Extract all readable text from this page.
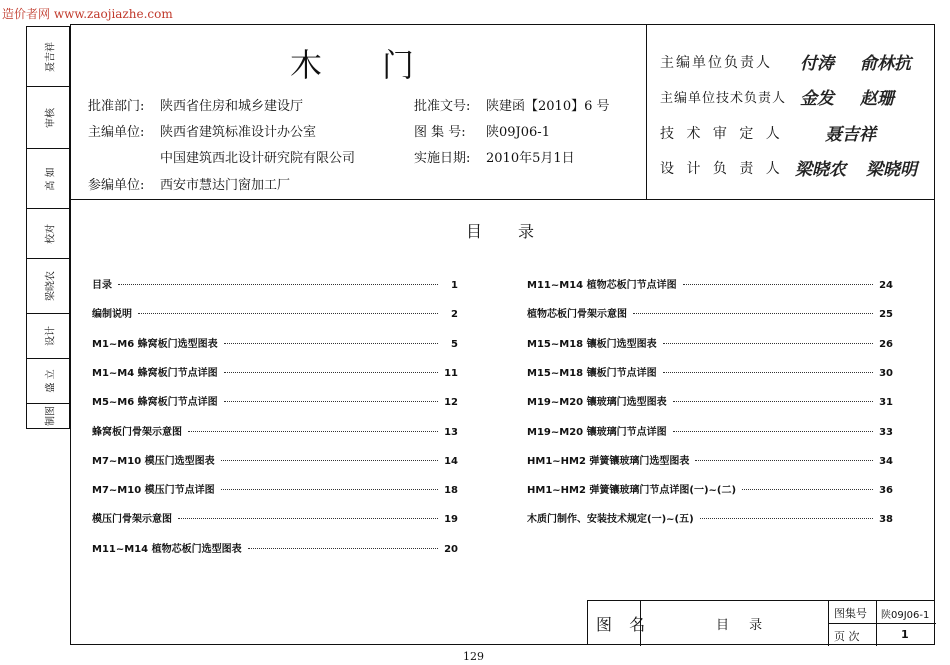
造价者网 www.zaojiazhe.com
聂吉祥
审核
高 如
校对
梁晓农
设计
盛 立
制图
木门
批准部门: 陕西省住房和城乡建设厅
主编单位: 陕西省建筑标准设计办公室
中国建筑西北设计研究院有限公司
参编单位: 西安市慧达门窗加工厂
批准文号: 陕建函【2010】6 号
图 集 号: 陕09J06-1
实施日期: 2010年5月1日
主编单位负责人 付涛 俞林抗
主编单位技术负责人 金发 赵珊
技 术 审 定 人 聂吉祥
设 计 负 责 人 梁晓农 梁晓明
目录
目录	1
编制说明	2
M1~M6 蜂窝板门选型图表	5
M1~M4 蜂窝板门节点详图	11
M5~M6 蜂窝板门节点详图	12
蜂窝板门骨架示意图	13
M7~M10 模压门选型图表	14
M7~M10 模压门节点详图	18
模压门骨架示意图	19
M11~M14 植物芯板门选型图表	20
M11~M14 植物芯板门节点详图	24
植物芯板门骨架示意图	25
M15~M18 镶板门选型图表	26
M15~M18 镶板门节点详图	30
M19~M20 镶玻璃门选型图表	31
M19~M20 镶玻璃门节点详图	33
HM1~HM2 弹簧镶玻璃门选型图表	34
HM1~HM2 弹簧镶玻璃门节点详图(一)~(二)	36
木质门制作、安装技术规定(一)~(五)	38
图 名	目 录
图集号 陕09J06-1
页 次	1
129
